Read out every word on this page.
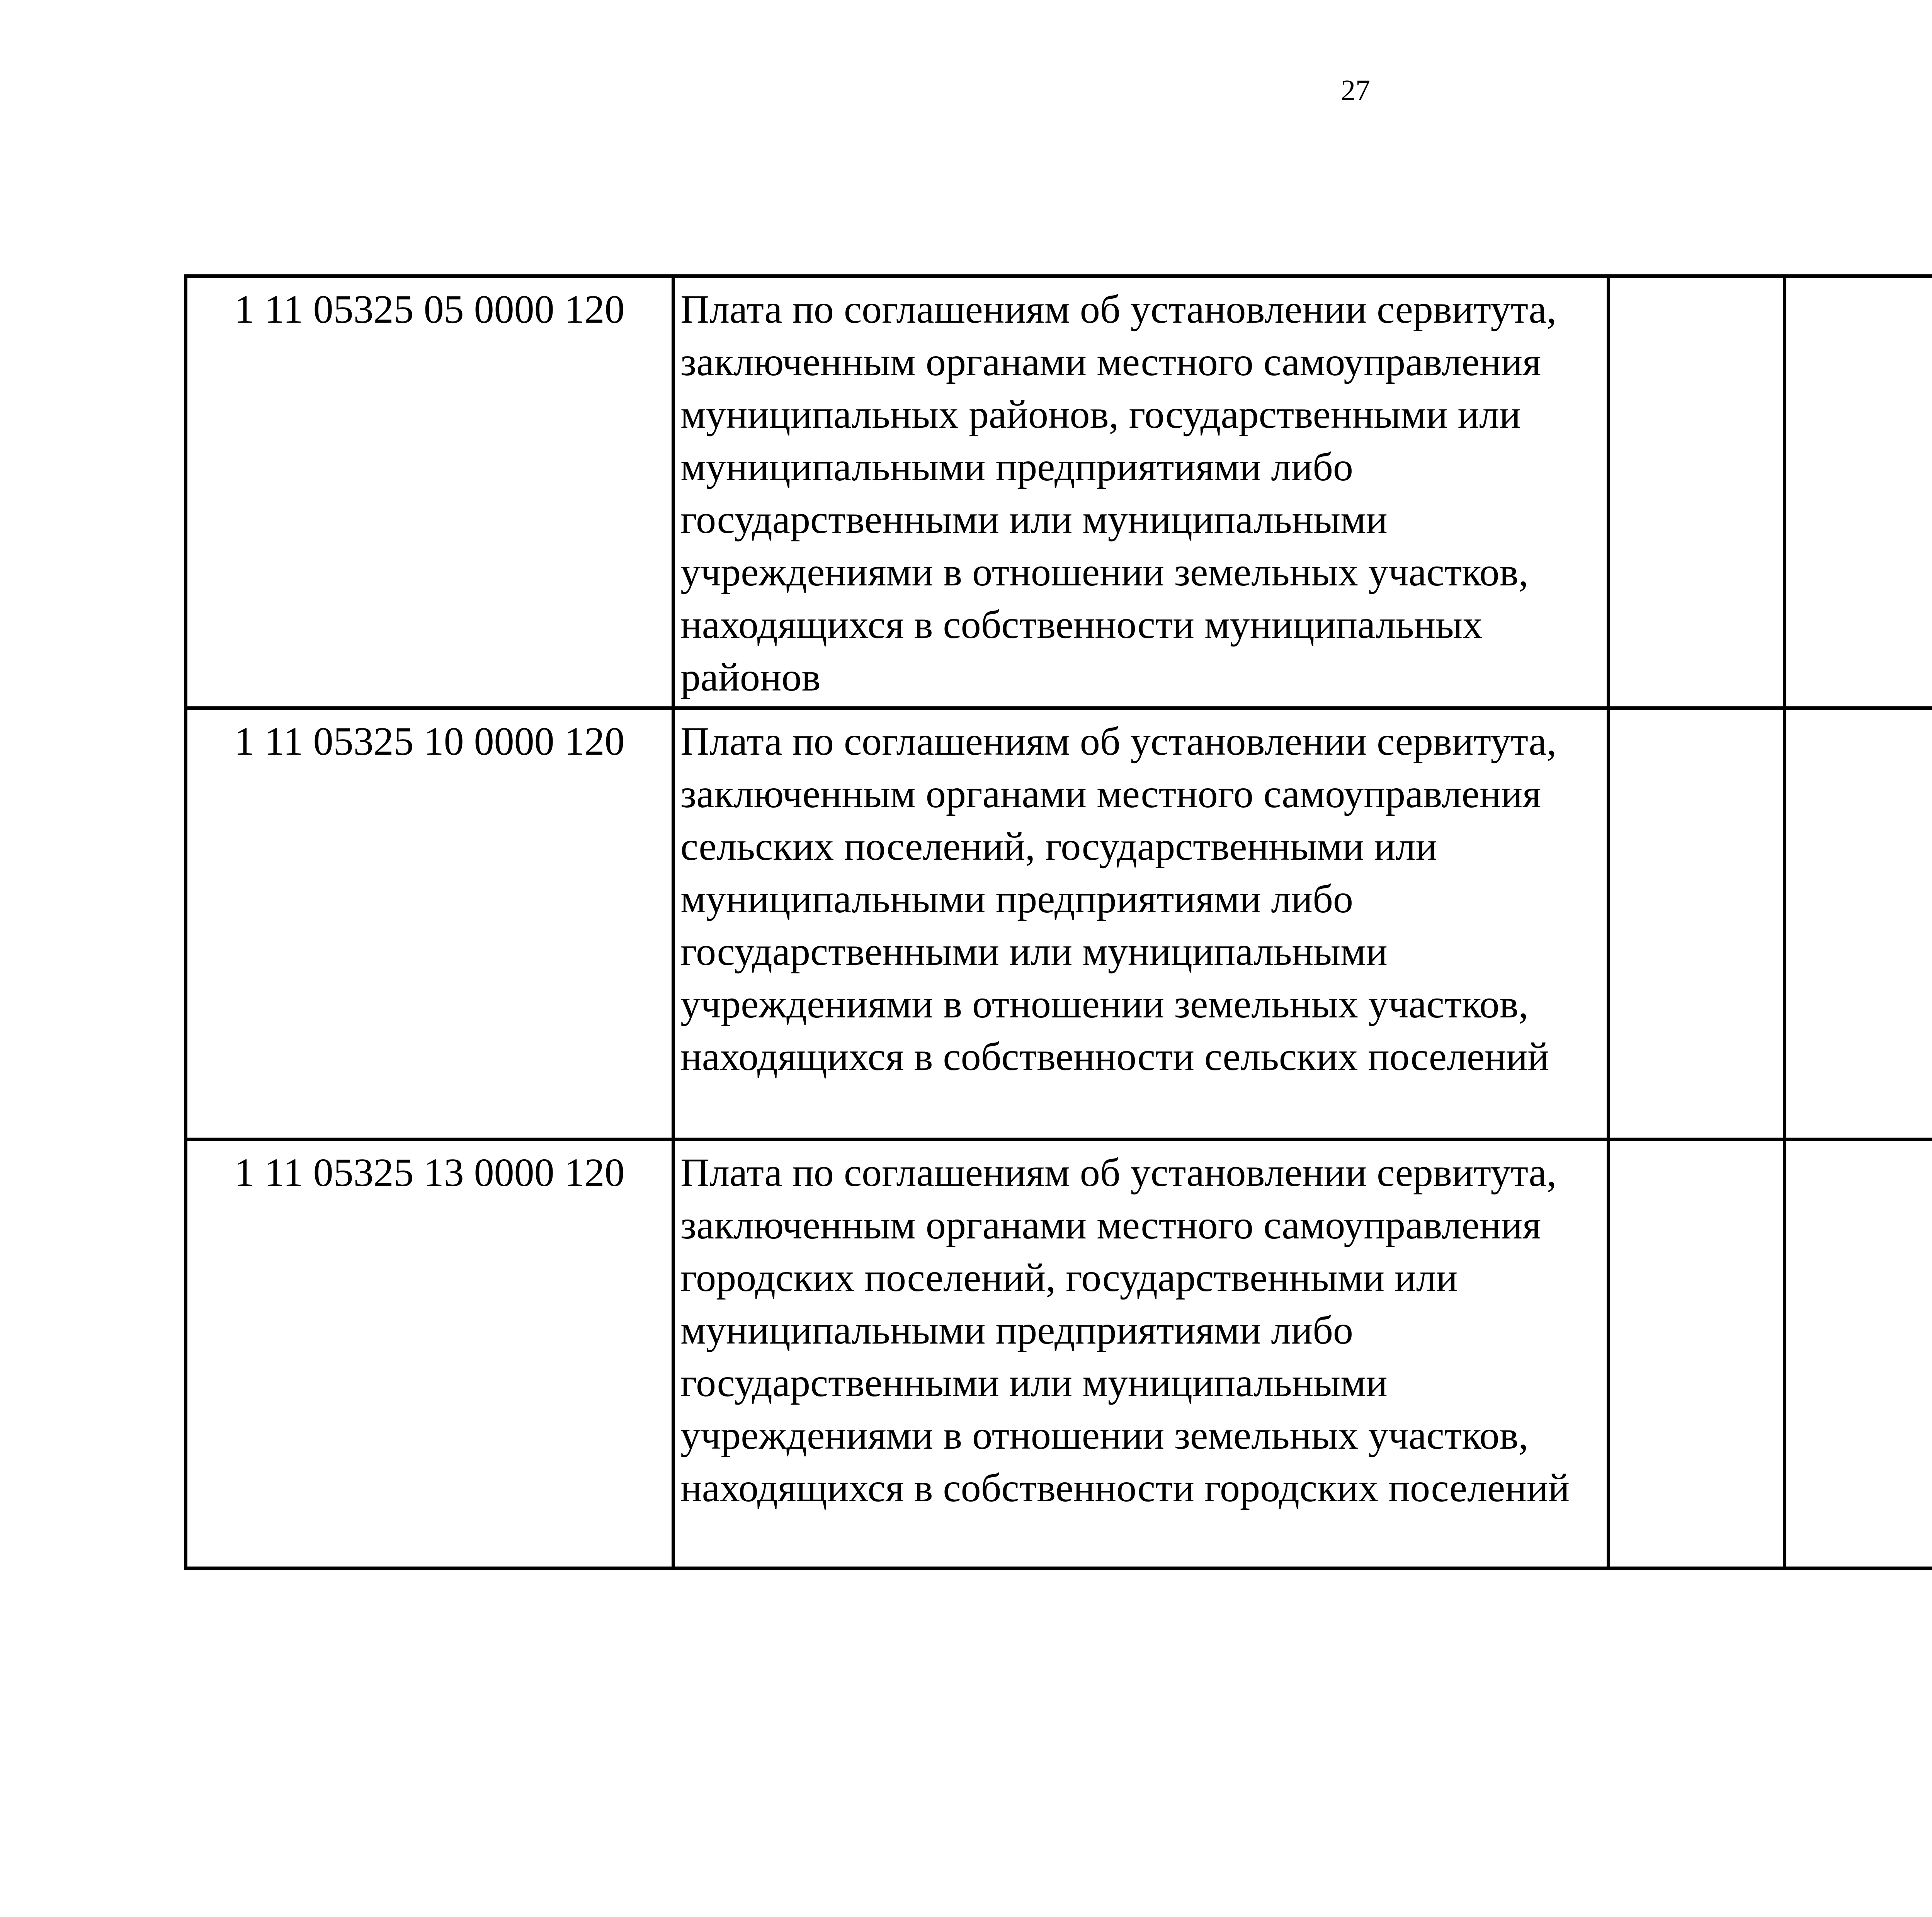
27
1 11 05325 05 0000 120	Плата по соглашениям об установлении сервитута, заключенным органами местного самоуправления муниципальных районов, государственными или муниципальными предприятиями либо государственными или муниципальными учреждениями в отношении земельных участков, находящихся в собственности муниципальных районов					
1 11 05325 10 0000 120	Плата по соглашениям об установлении сервитута, заключенным органами местного самоуправления сельских поселений, государственными или муниципальными предприятиями либо государственными или муниципальными учреждениями в отношении земельных участков, находящихся в собственности сельских поселений					
1 11 05325 13 0000 120	Плата по соглашениям об установлении сервитута, заключенным органами местного самоуправления городских поселений, государственными или муниципальными предприятиями либо государственными или муниципальными учреждениями в отношении земельных участков, находящихся в собственности городских поселений					
